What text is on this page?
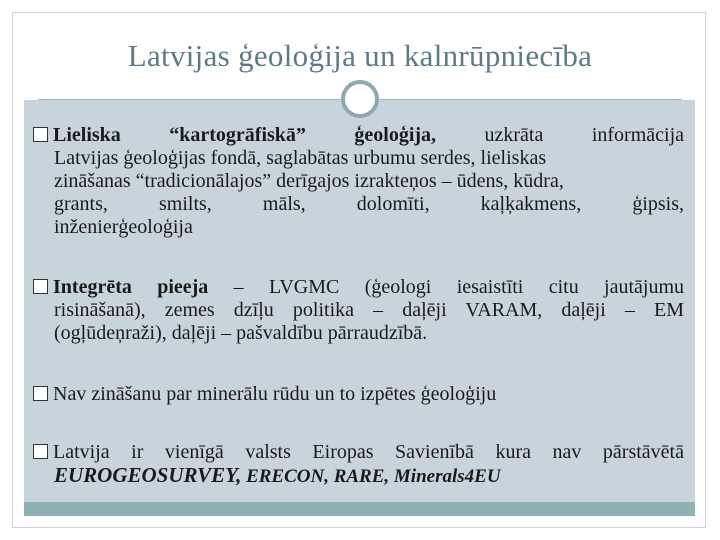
Latvijas ģeoloģija un kalnrūpniecība
Lieliska “kartogrāfiskā” ģeoloģija, uzkrāta informācija
Latvijas ģeoloģijas fondā, saglabātas urbumu serdes, lieliskas
zināšanas “tradicionālajos” derīgajos izrakteņos – ūdens, kūdra,
grants, smilts, māls, dolomīti, kaļķakmens, ģipsis,
inženierģeoloģija
Integrēta pieeja – LVGMC (ģeologi iesaistīti citu jautājumu
risināšanā), zemes dzīļu politika – daļēji VARAM, daļēji – EM
(ogļūdeņraži), daļēji – pašvaldību pārraudzībā.
Nav zināšanu par minerālu rūdu un to izpētes ģeoloģiju
Latvija ir vienīgā valsts Eiropas Savienībā kura nav pārstāvētā
EUROGEOSURVEY, ERECON, RARE, Minerals4EU
